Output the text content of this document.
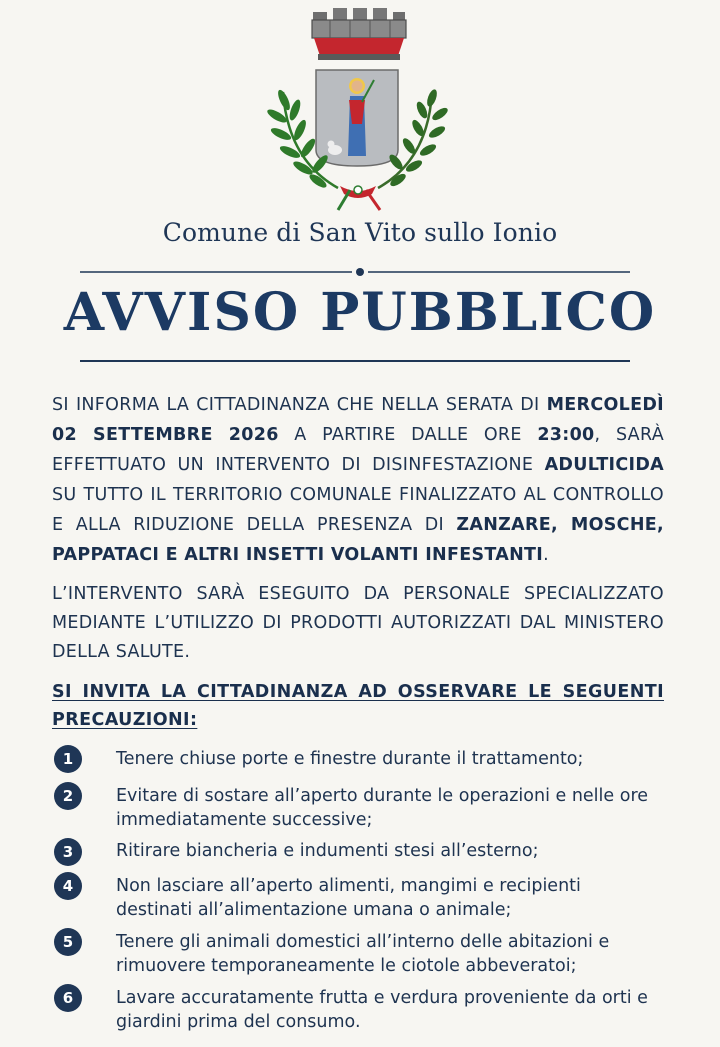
Comune di San Vito sullo Ionio
AVVISO PUBBLICO
SI INFORMA LA CITTADINANZA CHE NELLA SERATA DI MERCOLEDÌ 02 SETTEMBRE 2026 A PARTIRE DALLE ORE 23:00, SARÀ EFFETTUATO UN INTERVENTO DI DISINFESTAZIONE ADULTICIDA SU TUTTO IL TERRITORIO COMUNALE FINALIZZATO AL CONTROLLO E ALLA RIDUZIONE DELLA PRESENZA DI ZANZARE, MOSCHE, PAPPATACI E ALTRI INSETTI VOLANTI INFESTANTI.
L’INTERVENTO SARÀ ESEGUITO DA PERSONALE SPECIALIZZATO MEDIANTE L’UTILIZZO DI PRODOTTI AUTORIZZATI DAL MINISTERO DELLA SALUTE.
SI INVITA LA CITTADINANZA AD OSSERVARE LE SEGUENTI PRECAUZIONI:
1	Tenere chiuse porte e finestre durante il trattamento;
2	Evitare di sostare all’aperto durante le operazioni e nelle ore immediatamente successive;
3	Ritirare biancheria e indumenti stesi all’esterno;
4	Non lasciare all’aperto alimenti, mangimi e recipienti destinati all’alimentazione umana o animale;
5	Tenere gli animali domestici all’interno delle abitazioni e rimuovere temporaneamente le ciotole abbeveratoi;
6	Lavare accuratamente frutta e verdura proveniente da orti e giardini prima del consumo.
